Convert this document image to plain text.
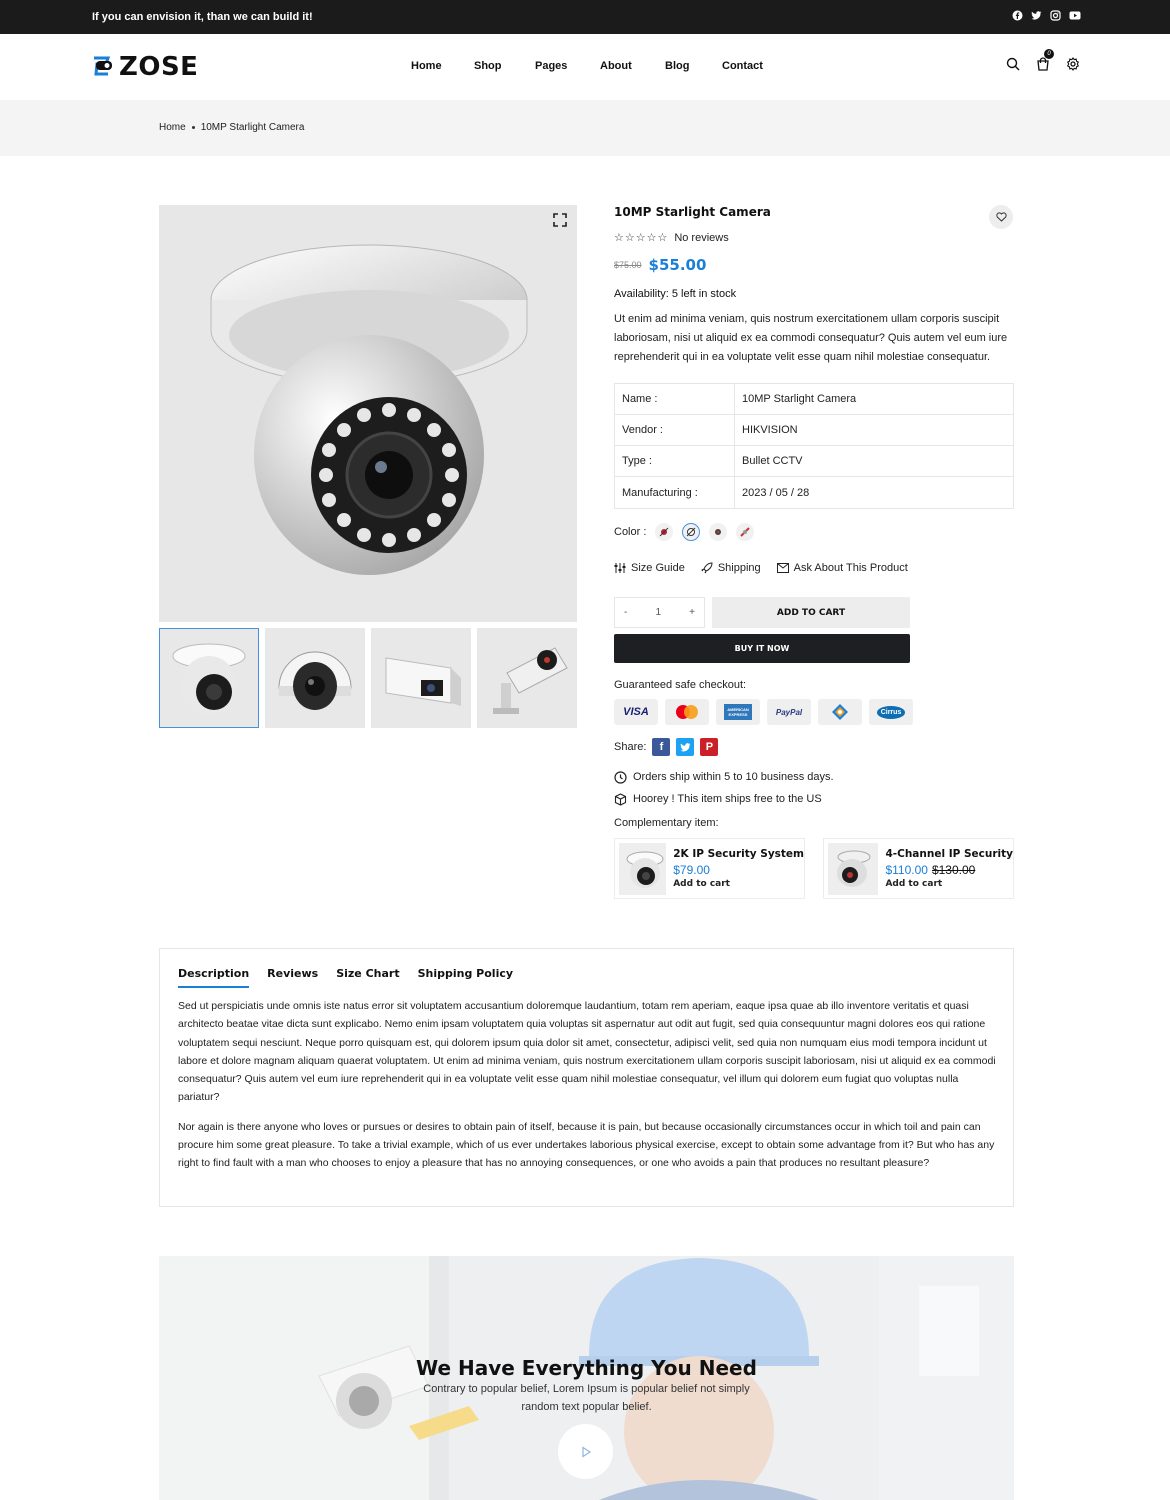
If you can envision it, than we can build it!
ZOSE	Home	Shop	Pages	About	Blog	Contact
0
Home 10MP Starlight Camera
10MP Starlight Camera
☆☆☆☆☆ No reviews
$75.00 $55.00
Availability: 5 left in stock
Ut enim ad minima veniam, quis nostrum exercitationem ullam corporis suscipit laboriosam, nisi ut aliquid ex ea commodi consequatur? Quis autem vel eum iure reprehenderit qui in ea voluptate velit esse quam nihil molestiae consequatur.
Name :	10MP Starlight Camera
Vendor :	HIKVISION
Type :	Bullet CCTV
Manufacturing :	2023 / 05 / 28
Color :
Size Guide	Shipping	Ask About This Product
-	1	+	ADD TO CART
BUY IT NOW
Guaranteed safe checkout:
VISA	AMERICAN EXPRESS	PayPal	Cirrus
Share:	f	P
Orders ship within 5 to 10 business days.
Hoorey ! This item ships free to the US
Complementary item:
2K IP Security System
$79.00
Add to cart
4-Channel IP Security
$110.00 $130.00
Add to cart
Description Reviews Size Chart Shipping Policy

Sed ut perspiciatis unde omnis iste natus error sit voluptatem accusantium doloremque laudantium, totam rem aperiam, eaque ipsa quae ab illo inventore veritatis et quasi architecto beatae vitae dicta sunt explicabo. Nemo enim ipsam voluptatem quia voluptas sit aspernatur aut odit aut fugit, sed quia consequuntur magni dolores eos qui ratione voluptatem sequi nesciunt. Neque porro quisquam est, qui dolorem ipsum quia dolor sit amet, consectetur, adipisci velit, sed quia non numquam eius modi tempora incidunt ut labore et dolore magnam aliquam quaerat voluptatem. Ut enim ad minima veniam, quis nostrum exercitationem ullam corporis suscipit laboriosam, nisi ut aliquid ex ea commodi consequatur? Quis autem vel eum iure reprehenderit qui in ea voluptate velit esse quam nihil molestiae consequatur, vel illum qui dolorem eum fugiat quo voluptas nulla pariatur?

Nor again is there anyone who loves or pursues or desires to obtain pain of itself, because it is pain, but because occasionally circumstances occur in which toil and pain can procure him some great pleasure. To take a trivial example, which of us ever undertakes laborious physical exercise, except to obtain some advantage from it? But who has any right to find fault with a man who chooses to enjoy a pleasure that has no annoying consequences, or one who avoids a pain that produces no resultant pleasure?

We Have Everything You Need
Contrary to popular belief, Lorem Ipsum is popular belief not simply random text popular belief.
